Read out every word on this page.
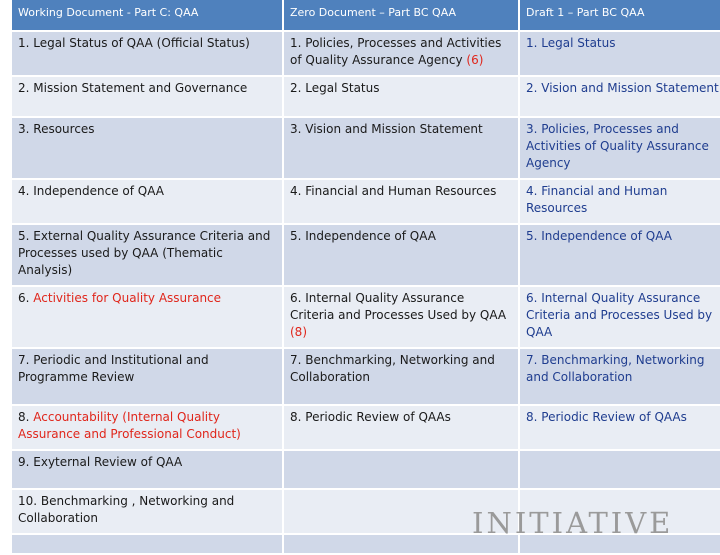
Working Document - Part C: QAA	Zero Document – Part BC QAA	Draft 1 – Part BC QAA
1. Legal Status of QAA (Official Status)	1. Policies, Processes and Activities of Quality Assurance Agency (6)	1. Legal Status
2. Mission Statement and Governance	2. Legal Status	2. Vision and Mission Statement
3. Resources	3. Vision and Mission Statement	3. Policies, Processes and Activities of Quality Assurance Agency
4. Independence of QAA	4. Financial and Human Resources	4. Financial and Human Resources
5. External Quality Assurance Criteria and Processes used by QAA (Thematic Analysis)	5. Independence of QAA	5. Independence of QAA
6. Activities for Quality Assurance	6. Internal Quality Assurance Criteria and Processes Used by QAA (8)	6. Internal Quality Assurance Criteria and Processes Used by QAA
7. Periodic and Institutional and Programme Review	7. Benchmarking, Networking and Collaboration	7. Benchmarking, Networking and Collaboration
8. Accountability (Internal Quality Assurance and Professional Conduct)	8. Periodic Review of QAAs	8. Periodic Review of QAAs
9. Exyternal Review of QAA		
10. Benchmarking , Networking and Collaboration		
			INITIATIVE
